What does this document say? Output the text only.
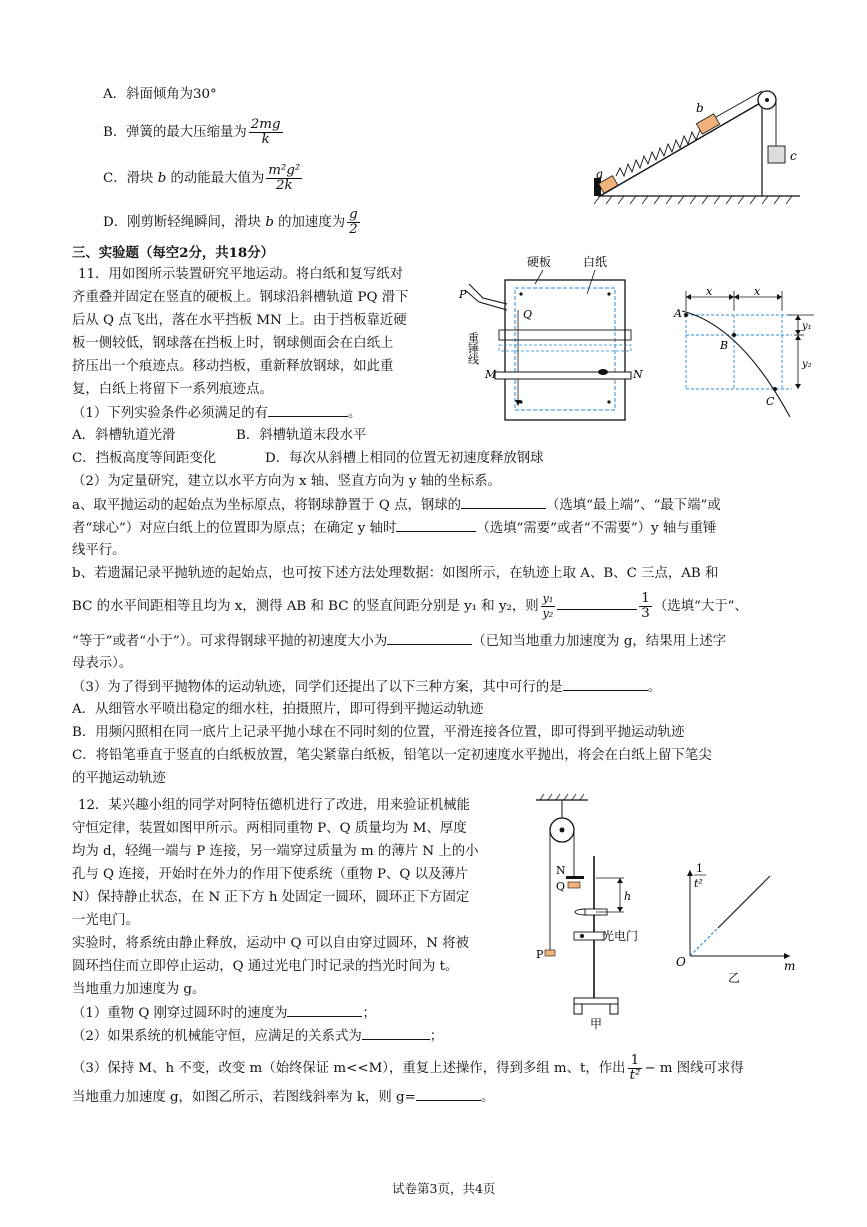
A．斜面倾角为30°
B．弹簧的最大压缩量为 $\frac{2mg}{k}$
C．滑块 b 的动能最大值为 $\frac{\text{m²g²}}{2k}$
D．刚剪断轻绳瞬间，滑块 b 的加速度为 $\frac{g}{2}$
a
b
c
三、实验题（每空2分，共18分）
11．用如图所示装置研究平地运动。将白纸和复写纸对
齐重叠并固定在竖直的硬板上。钢球沿斜槽轨道 PQ 滑下
后从 Q 点飞出，落在水平挡板 MN 上。由于挡板靠近硬
板一侧较低，钢球落在挡板上时，钢球侧面会在白纸上
挤压出一个痕迹点。移动挡板，重新释放钢球，如此重
复，白纸上将留下一系列痕迹点。
（1）下列实验条件必须满足的有	。
A．斜槽轨道光滑	B．斜槽轨道末段水平
C．挡板高度等间距变化	D．每次从斜槽上相同的位置无初速度释放钢球
（2）为定量研究，建立以水平方向为 x 轴、竖直方向为 y 轴的坐标系。
a、取平抛运动的起始点为坐标原点，将钢球静置于 Q 点，钢球的	（选填“最上端”、“最下端”或
者“球心”）对应白纸上的位置即为原点；在确定 y 轴时	（选填“需要”或者“不需要”）y 轴与重锤
线平行。
b、若遗漏记录平抛轨迹的起始点，也可按下述方法处理数据：如图所示，在轨迹上取 A、B、C 三点，AB 和
BC 的水平间距相等且均为 x，测得 AB 和 BC 的竖直间距分别是 y₁ 和 y₂，则 $\frac{\text{y₁}}{\text{y₂}}$	$\frac{1}{3}$ （选填“大于”、
“等于”或者“小于”）。可求得钢球平抛的初速度大小为	（已知当地重力加速度为 g，结果用上述字
母表示）。
（3）为了得到平抛物体的运动轨迹，同学们还提出了以下三种方案，其中可行的是	。
A．从细管水平喷出稳定的细水柱，拍摄照片，即可得到平抛运动轨迹
B．用频闪照相在同一底片上记录平抛小球在不同时刻的位置，平滑连接各位置，即可得到平抛运动轨迹
C．将铅笔垂直于竖直的白纸板放置，笔尖紧靠白纸板，铅笔以一定初速度水平抛出，将会在白纸上留下笔尖
的平抛运动轨迹
硬板	白纸
P
Q
M	N
重锤线
x	x
A
B
C
y₁
y₂
12．某兴趣小组的同学对阿特伍德机进行了改进，用来验证机械能
守恒定律，装置如图甲所示。两相同重物 P、Q 质量均为 M、厚度
均为 d，轻绳一端与 P 连接，另一端穿过质量为 m 的薄片 N 上的小
孔与 Q 连接，开始时在外力的作用下使系统（重物 P、Q 以及薄片
N）保持静止状态，在 N 正下方 h 处固定一圆环，圆环正下方固定
一光电门。
实验时，将系统由静止释放，运动中 Q 可以自由穿过圆环，N 将被
圆环挡住而立即停止运动，Q 通过光电门时记录的挡光时间为 t。
当地重力加速度为 g。
（1）重物 Q 刚穿过圆环时的速度为	；
（2）如果系统的机械能守恒，应满足的关系式为	；
（3）保持 M、h 不变，改变 m（始终保证 m<<M），重复上述操作，得到多组 m、t，作出 $\frac{1}{\text{t²}} - m$ 图线可求得
当地重力加速度 g，如图乙所示，若图线斜率为 k，则 g=	。
N
Q
P
h
光电门
甲
1
t²
O	m
乙
试卷第3页，共4页
